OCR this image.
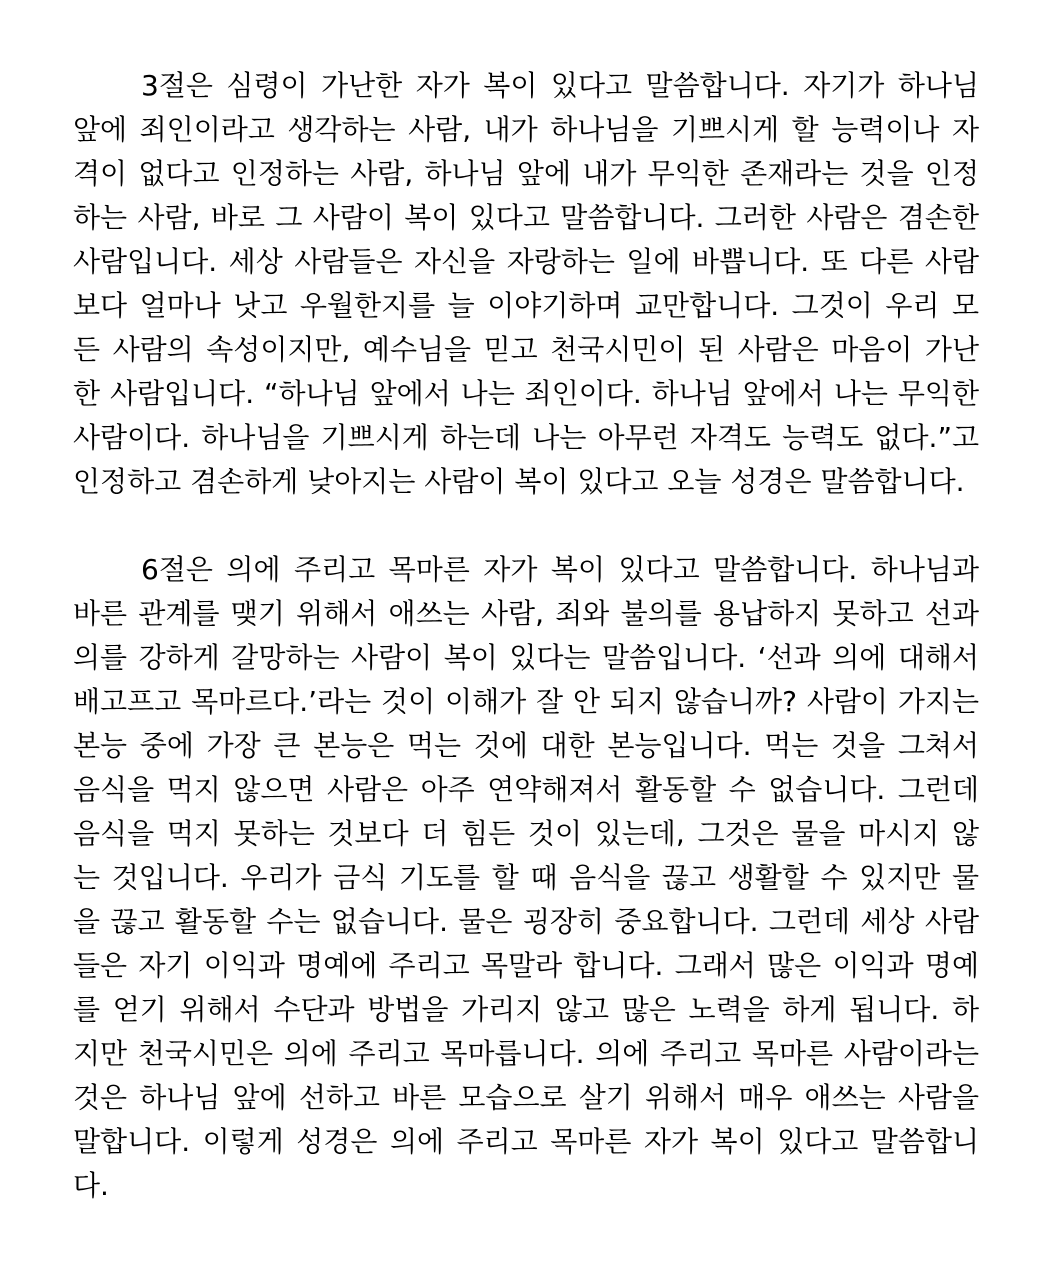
3절은 심령이 가난한 자가 복이 있다고 말씀합니다. 자기가 하나님
앞에 죄인이라고 생각하는 사람, 내가 하나님을 기쁘시게 할 능력이나 자
격이 없다고 인정하는 사람, 하나님 앞에 내가 무익한 존재라는 것을 인정
하는 사람, 바로 그 사람이 복이 있다고 말씀합니다. 그러한 사람은 겸손한
사람입니다. 세상 사람들은 자신을 자랑하는 일에 바쁩니다. 또 다른 사람
보다 얼마나 낫고 우월한지를 늘 이야기하며 교만합니다. 그것이 우리 모
든 사람의 속성이지만, 예수님을 믿고 천국시민이 된 사람은 마음이 가난
한 사람입니다. “하나님 앞에서 나는 죄인이다. 하나님 앞에서 나는 무익한
사람이다. 하나님을 기쁘시게 하는데 나는 아무런 자격도 능력도 없다.”고
인정하고 겸손하게 낮아지는 사람이 복이 있다고 오늘 성경은 말씀합니다.
6절은 의에 주리고 목마른 자가 복이 있다고 말씀합니다. 하나님과
바른 관계를 맺기 위해서 애쓰는 사람, 죄와 불의를 용납하지 못하고 선과
의를 강하게 갈망하는 사람이 복이 있다는 말씀입니다. ‘선과 의에 대해서
배고프고 목마르다.’라는 것이 이해가 잘 안 되지 않습니까? 사람이 가지는
본능 중에 가장 큰 본능은 먹는 것에 대한 본능입니다. 먹는 것을 그쳐서
음식을 먹지 않으면 사람은 아주 연약해져서 활동할 수 없습니다. 그런데
음식을 먹지 못하는 것보다 더 힘든 것이 있는데, 그것은 물을 마시지 않
는 것입니다. 우리가 금식 기도를 할 때 음식을 끊고 생활할 수 있지만 물
을 끊고 활동할 수는 없습니다. 물은 굉장히 중요합니다. 그런데 세상 사람
들은 자기 이익과 명예에 주리고 목말라 합니다. 그래서 많은 이익과 명예
를 얻기 위해서 수단과 방법을 가리지 않고 많은 노력을 하게 됩니다. 하
지만 천국시민은 의에 주리고 목마릅니다. 의에 주리고 목마른 사람이라는
것은 하나님 앞에 선하고 바른 모습으로 살기 위해서 매우 애쓰는 사람을
말합니다. 이렇게 성경은 의에 주리고 목마른 자가 복이 있다고 말씀합니
다.
